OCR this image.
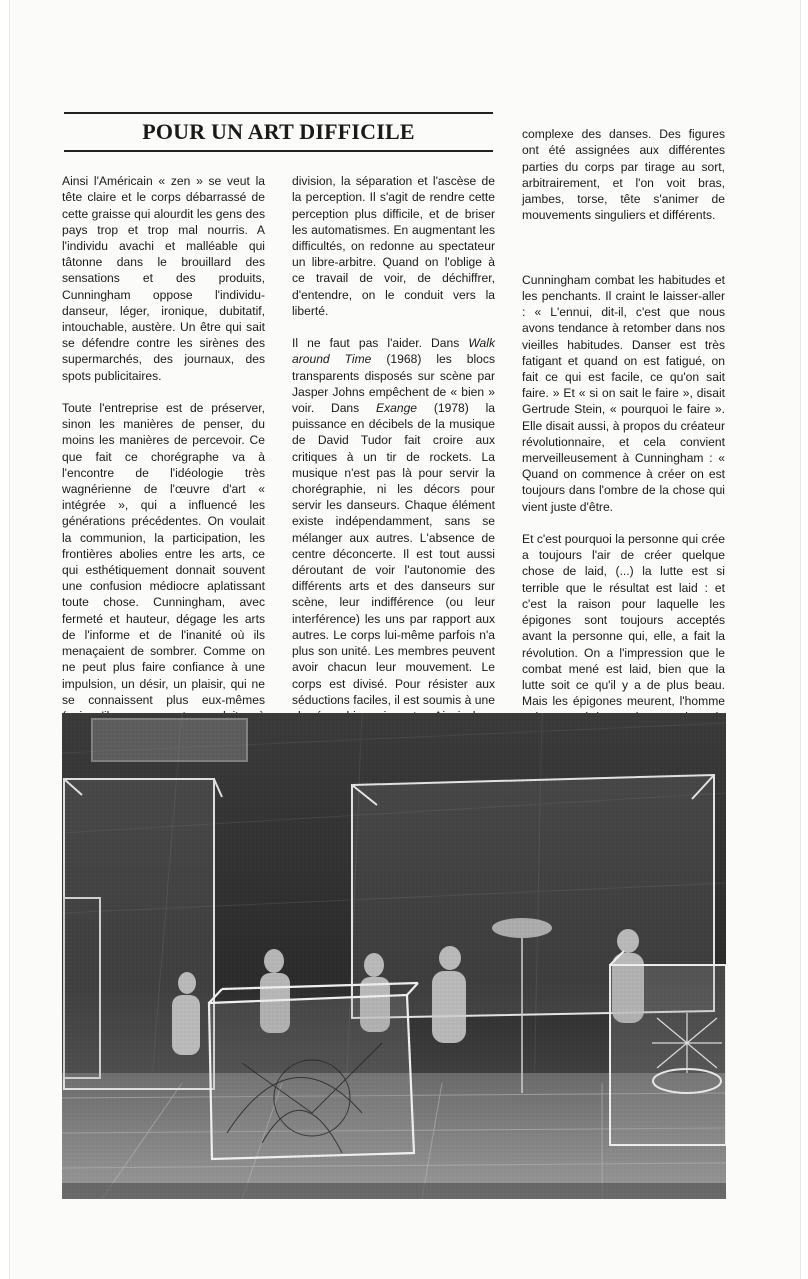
POUR UN ART DIFFICILE

Ainsi l'Américain « zen » se veut la tête claire et le corps débarrassé de cette graisse qui alourdit les gens des pays trop et trop mal nourris. A l'individu avachi et malléable qui tâtonne dans le brouillard des sensations et des produits, Cunningham oppose l'individu-danseur, léger, ironique, dubitatif, intouchable, austère. Un être qui sait se défendre contre les sirènes des supermarchés, des journaux, des spots publicitaires.

Toute l'entreprise est de préserver, sinon les manières de penser, du moins les manières de percevoir. Ce que fait ce chorégraphe va à l'encontre de l'idéologie très wagnérienne de l'œuvre d'art « intégrée », qui a influencé les générations précédentes. On voulait la communion, la participation, les frontières abolies entre les arts, ce qui esthétiquement donnait souvent une confusion médiocre aplatissant toute chose. Cunningham, avec fermeté et hauteur, dégage les arts de l'informe et de l'inanité où ils menaçaient de sombrer. Comme on ne peut plus faire confiance à une impulsion, un désir, un plaisir, qui ne se connaissent plus eux-mêmes

division, la séparation et l'ascèse de la perception. Il s'agit de rendre cette perception plus difficile, et de briser les automatismes. En augmentant les difficultés, on redonne au spectateur un libre-arbitre. Quand on l'oblige à ce travail de voir, de déchiffrer, d'entendre, on le conduit vers la liberté.

Il ne faut pas l'aider. Dans Walk around Time (1968) les blocs transparents disposés sur scène par Jasper Johns empêchent de « bien » voir. Dans Exange (1978) la puissance en décibels de la musique de David Tudor fait croire aux critiques à un tir de rockets. La musique n'est pas là pour servir la chorégraphie, ni les décors pour servir les danseurs. Chaque élément existe indépendamment, sans se mélanger aux autres. L'absence de centre déconcerte. Il est tout aussi déroutant de voir l'autonomie des différents arts et des danseurs sur scène, leur indifférence (ou leur interférence) les uns par rapport aux autres. Le corps lui-même parfois n'a plus son unité. Les membres peuvent avoir chacun leur mouvement. Le corps est divisé. Pour résister aux séductions faciles, il est soumis à une

complexe des danses. Des figures ont été assignées aux différentes parties du corps par tirage au sort, arbitrairement, et l'on voit bras, jambes, torse, tête s'animer de mouvements singuliers et différents.

Cunningham combat les habitudes et les penchants. Il craint le laisser-aller : « L'ennui, dit-il, c'est que nous avons tendance à retomber dans nos vieilles habitudes. Danser est très fatigant et quand on est fatigué, on fait ce qui est facile, ce qu'on sait faire. » Et « si on sait le faire », disait Gertrude Stein, « pourquoi le faire ». Elle disait aussi, à propos du créateur révolutionnaire, et cela convient merveilleusement à Cunningham : « Quand on commence à créer on est toujours dans l'ombre de la chose qui vient juste d'être.

Et c'est pourquoi la personne qui crée a toujours l'air de créer quelque chose de laid, (...) la lutte est si terrible que le résultat est laid : et c'est la raison pour laquelle les épigones sont toujours acceptés avant la personne qui, elle, a fait la révolution. On a l'impression que le combat mené est laid, bien que la lutte soit ce qu'il y a de plus beau. Mais les épigones meurent, l'homme
